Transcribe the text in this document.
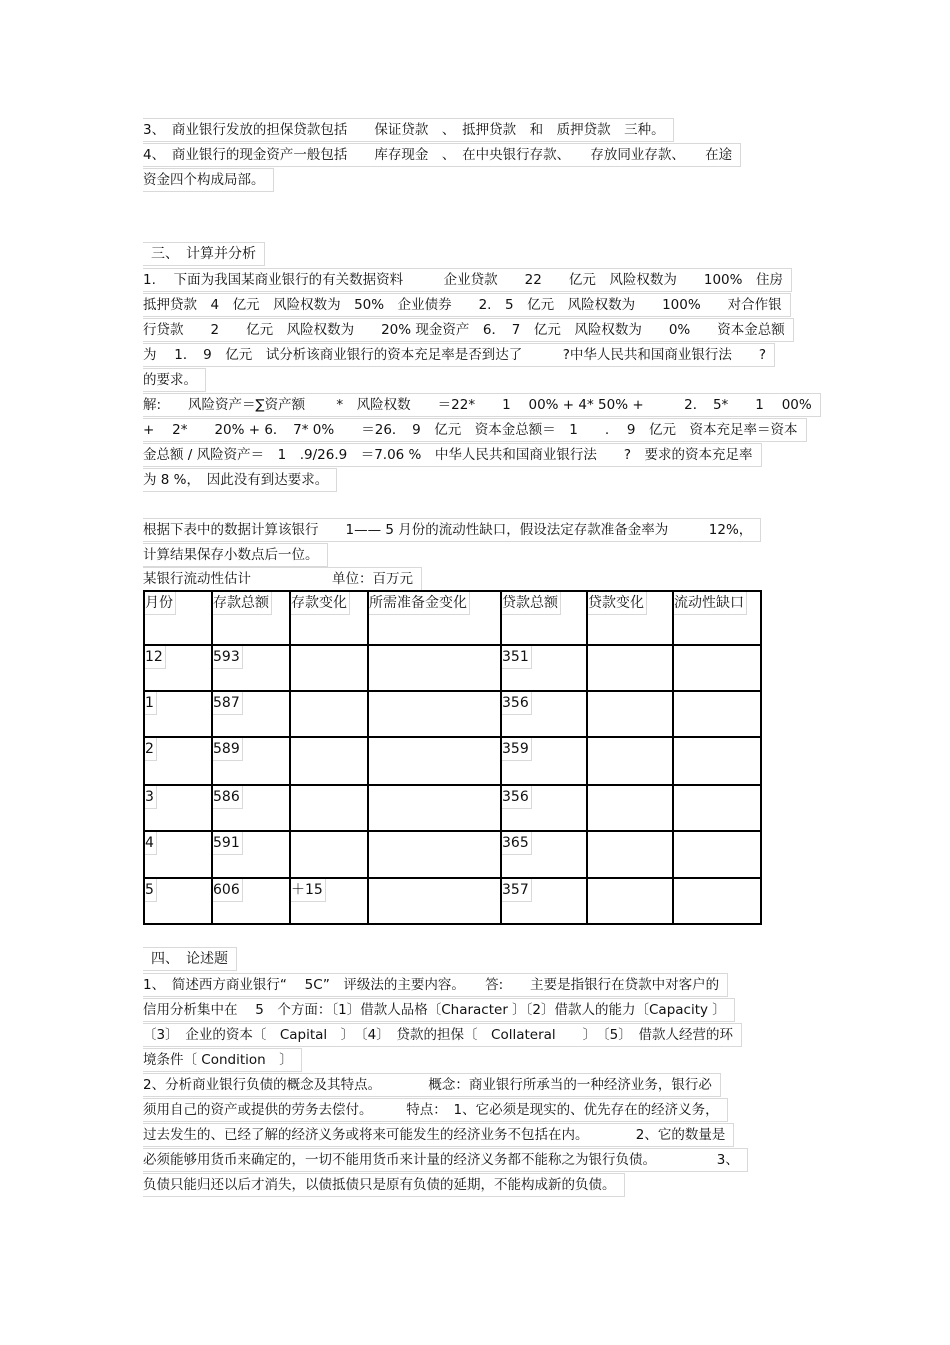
3、　商业银行发放的担保贷款包括　　保证贷款　、　抵押贷款　和　质押贷款　三种。
4、　商业银行的现金资产一般包括　　库存现金　、　在中央银行存款、　　存放同业存款、　　在途
资金四个构成局部。
三、　计算并分析
1. 　下面为我国某商业银行的有关数据资料　　　企业贷款　　22　　亿元　风险权数为　　100%　住房
抵押贷款　4　亿元　风险权数为　50%　企业债券　　2.　5　亿元　风险权数为　　100%　　对合作银
行贷款　　2　　亿元　风险权数为　　20% 现金资产　6．　7　亿元　风险权数为　　0%　　资本金总额
为　 1．　9　亿元　试分析该商业银行的资本充足率是否到达了　　　?中华人民共和国商业银行法　　?
的要求。
解:　　风险资产＝∑资产额　　 *　风险权数　　＝22*　　1　 00% + 4* 50% +　　　2．　5*　　1　 00%
+　 2*　　20% + 6．　7* 0%　　＝26．　9　亿元　资本金总额＝　1　　.　 9　亿元　资本充足率＝资本
金总额 / 风险资产＝　1　.9/26.9　＝7.06 %　中华人民共和国商业银行法　　?　要求的资本充足率
为 8 %，　因此没有到达要求。
根据下表中的数据计算该银行　　1—— 5 月份的流动性缺口，假设法定存款准备金率为　　　12%，
计算结果保存小数点后一位。
某银行流动性估计　　　　　　单位：百万元
月份	存款总额	存款变化	所需准备金变化	贷款总额	贷款变化	流动性缺口
12	593			351		
1	587			356		
2	589			359		
3	586			356		
4	591			365		
5	606	＋15		357		
四、　论述题
1、　简述西方商业银行“　 5C”　评级法的主要内容。　　答:　　主要是指银行在贷款中对客户的
信用分析集中在　 5　个方面：〔1〕借款人品格〔Character 〕〔2〕借款人的能力〔Capacity 〕
〔3〕　企业的资本〔　Capital　〕　〔4〕　贷款的担保〔　Collateral　　〕　〔5〕　借款人经营的环
境条件〔 Condition　〕
2、分析商业银行负债的概念及其特点。　　　　概念：商业银行所承当的一种经济业务，银行必
须用自己的资产或提供的劳务去偿付。　　　特点：　1、它必须是现实的、优先存在的经济义务，
过去发生的、已经了解的经济义务或将来可能发生的经济业务不包括在内。　　　　2、它的数量是
必须能够用货币来确定的，一切不能用货币来计量的经济义务都不能称之为银行负债。　　　　　3、
负债只能归还以后才消失，以债抵债只是原有负债的延期，不能构成新的负债。
